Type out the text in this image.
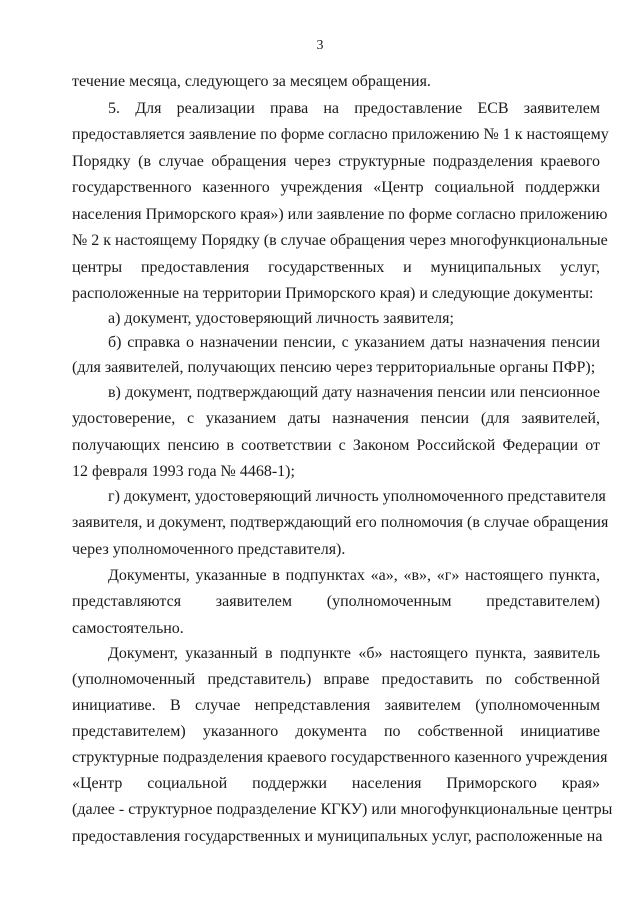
3
течение месяца, следующего за месяцем обращения.
5. Для реализации права на предоставление ЕСВ заявителем
предоставляется заявление по форме согласно приложению № 1 к настоящему
Порядку (в случае обращения через структурные подразделения краевого
государственного казенного учреждения «Центр социальной поддержки
населения Приморского края») или заявление по форме согласно приложению
№ 2 к настоящему Порядку (в случае обращения через многофункциональные
центры предоставления государственных и муниципальных услуг,
расположенные на территории Приморского края) и следующие документы:
а) документ, удостоверяющий личность заявителя;
б) справка о назначении пенсии, с указанием даты назначения пенсии
(для заявителей, получающих пенсию через территориальные органы ПФР);
в) документ, подтверждающий дату назначения пенсии или пенсионное
удостоверение, с указанием даты назначения пенсии (для заявителей,
получающих пенсию в соответствии с Законом Российской Федерации от
12 февраля 1993 года № 4468-1);
г) документ, удостоверяющий личность уполномоченного представителя
заявителя, и документ, подтверждающий его полномочия (в случае обращения
через уполномоченного представителя).
Документы, указанные в подпунктах «а», «в», «г» настоящего пункта,
представляются заявителем (уполномоченным представителем)
самостоятельно.
Документ, указанный в подпункте «б» настоящего пункта, заявитель
(уполномоченный представитель) вправе предоставить по собственной
инициативе. В случае непредставления заявителем (уполномоченным
представителем) указанного документа по собственной инициативе
структурные подразделения краевого государственного казенного учреждения
«Центр социальной поддержки населения Приморского края»
(далее - структурное подразделение КГКУ) или многофункциональные центры
предоставления государственных и муниципальных услуг, расположенные на
